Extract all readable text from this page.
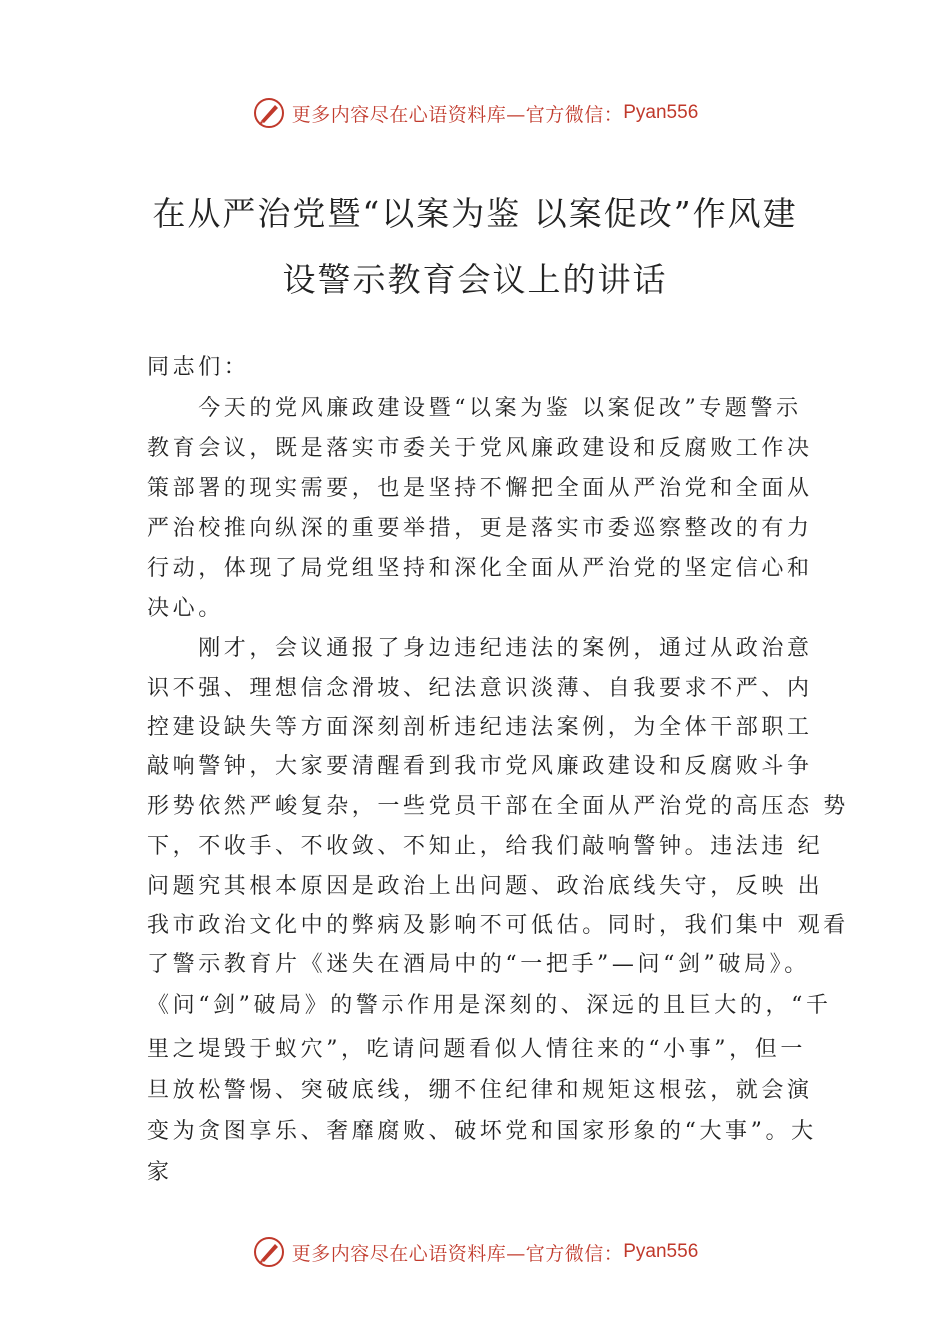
更多内容尽在心语资料库—官方微信： Pyan556
在从严治党暨“以案为鉴 以案促改”作风建
设警示教育会议上的讲话
同志们：
　　今天的党风廉政建设暨“以案为鉴 以案促改”专题警示
教育会议，既是落实市委关于党风廉政建设和反腐败工作决
策部署的现实需要，也是坚持不懈把全面从严治党和全面从
严治校推向纵深的重要举措，更是落实市委巡察整改的有力
行动，体现了局党组坚持和深化全面从严治党的坚定信心和
决心。
　　刚才，会议通报了身边违纪违法的案例，通过从政治意
识不强、理想信念滑坡、纪法意识淡薄、自我要求不严、内
控建设缺失等方面深刻剖析违纪违法案例，为全体干部职工
敲响警钟，大家要清醒看到我市党风廉政建设和反腐败斗争
形势依然严峻复杂，一些党员干部在全面从严治党的高压态 势
下，不收手、不收敛、不知止，给我们敲响警钟。违法违 纪
问题究其根本原因是政治上出问题、政治底线失守，反映 出
我市政治文化中的弊病及影响不可低估。同时，我们集中 观看
了警示教育片《迷失在酒局中的“一把手”—问“剑”破局》。
《问“剑”破局》的警示作用是深刻的、深远的且巨大的，“千
里之堤毁于蚁穴”，吃请问题看似人情往来的“小事”，但一
旦放松警惕、突破底线，绷不住纪律和规矩这根弦，就会演
变为贪图享乐、奢靡腐败、破坏党和国家形象的“大事”。大
家
更多内容尽在心语资料库—官方微信： Pyan556
